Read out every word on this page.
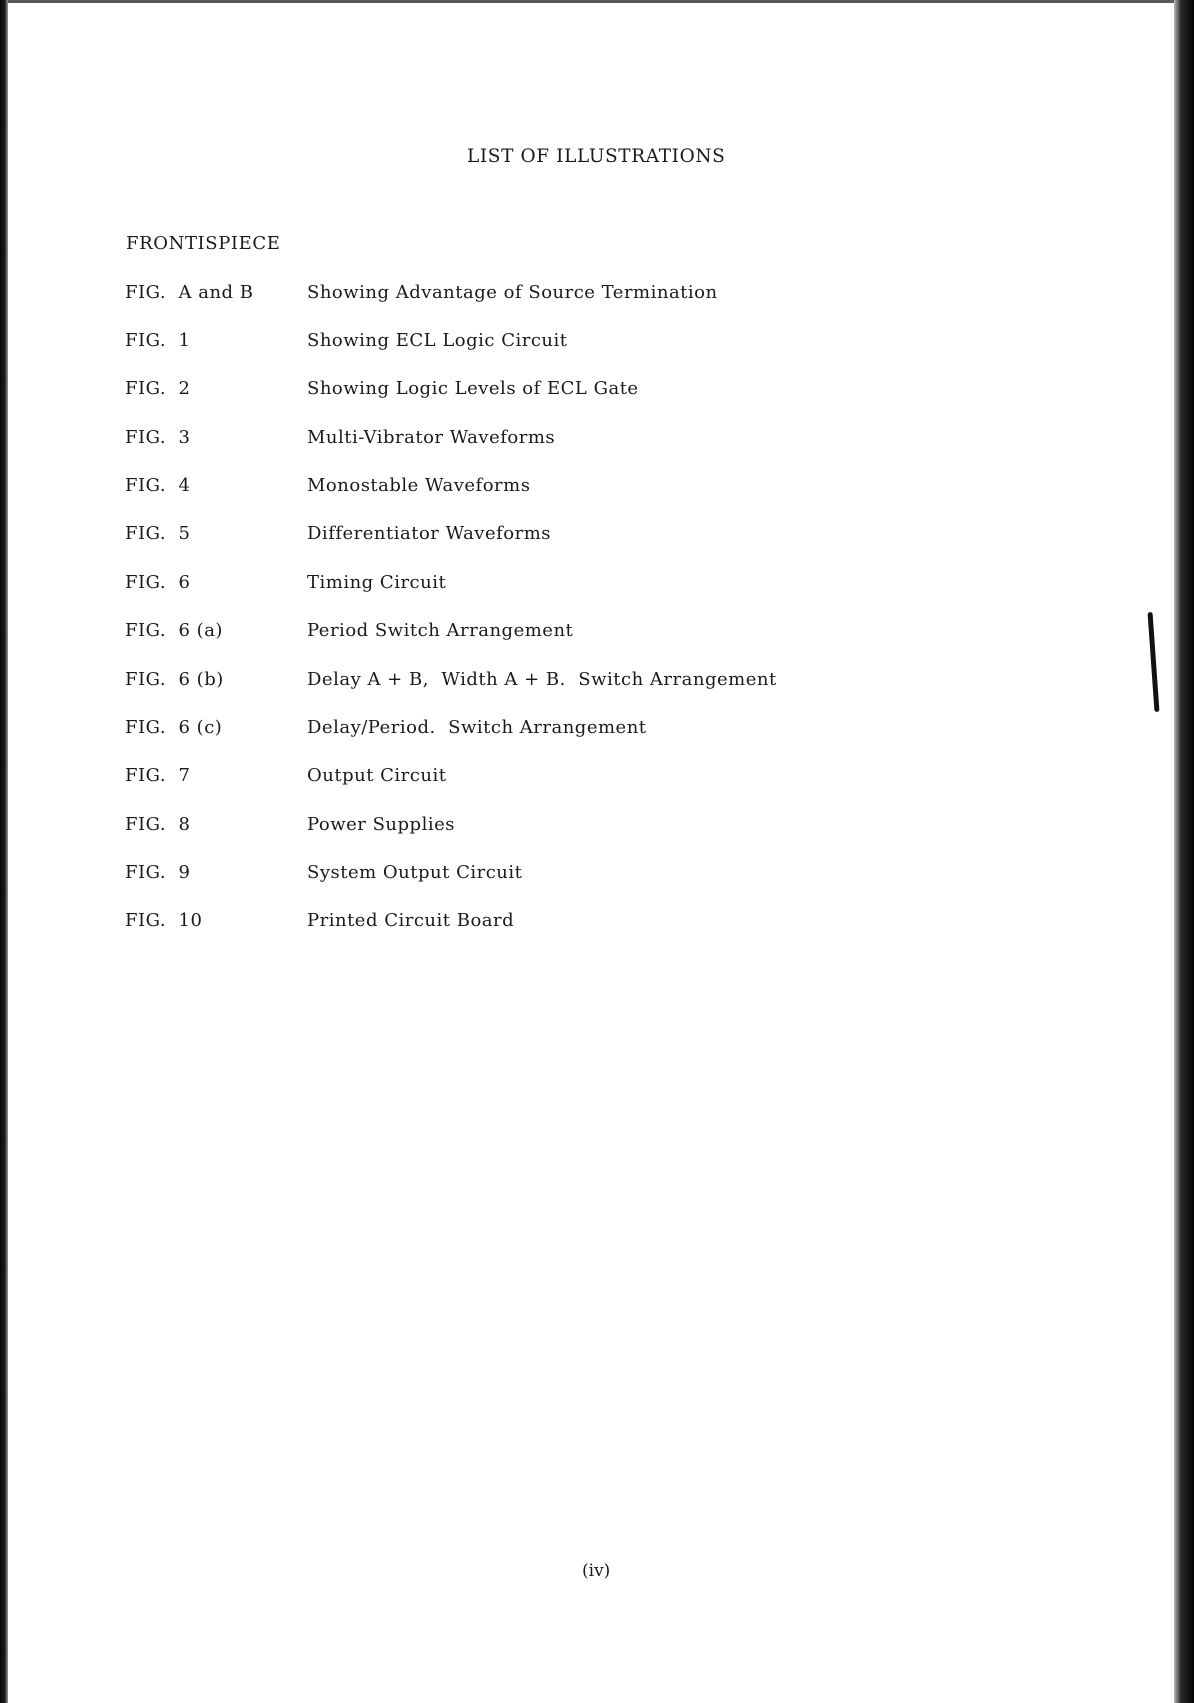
LIST OF ILLUSTRATIONS
FRONTISPIECE
FIG.  A and B	Showing Advantage of Source Termination
FIG.  1	Showing ECL Logic Circuit
FIG.  2	Showing Logic Levels of ECL Gate
FIG.  3	Multi-Vibrator Waveforms
FIG.  4	Monostable Waveforms
FIG.  5	Differentiator Waveforms
FIG.  6	Timing Circuit
FIG.  6 (a)	Period Switch Arrangement
FIG.  6 (b)	Delay A + B,  Width A + B.  Switch Arrangement
FIG.  6 (c)	Delay/Period.  Switch Arrangement
FIG.  7	Output Circuit
FIG.  8	Power Supplies
FIG.  9	System Output Circuit
FIG.  10	Printed Circuit Board
(iv)
